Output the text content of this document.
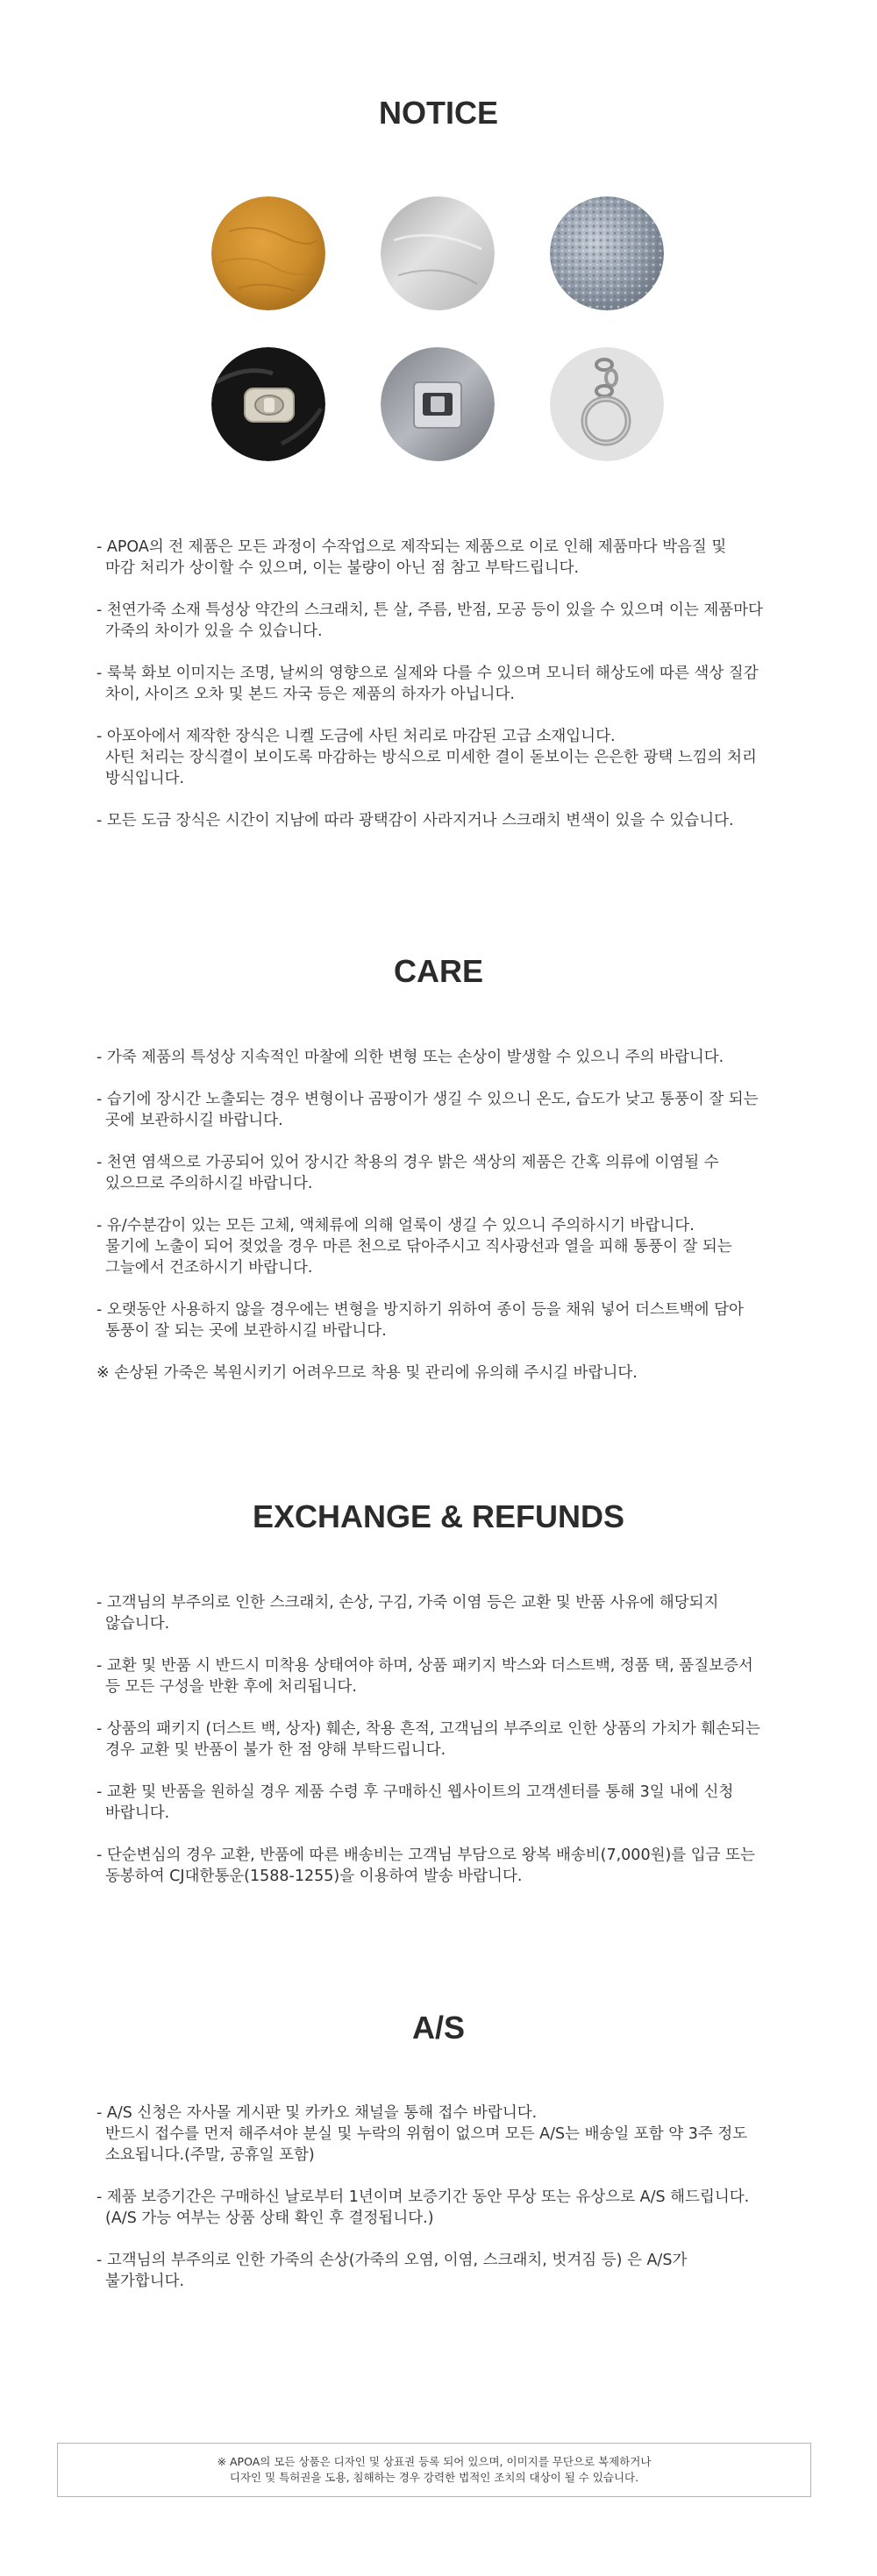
NOTICE

- APOA의 전 제품은 모든 과정이 수작업으로 제작되는 제품으로 이로 인해 제품마다 박음질 및
마감 처리가 상이할 수 있으며, 이는 불량이 아닌 점 참고 부탁드립니다.

- 천연가죽 소재 특성상 약간의 스크래치, 튼 살, 주름, 반점, 모공 등이 있을 수 있으며 이는 제품마다
가죽의 차이가 있을 수 있습니다.

- 룩북 화보 이미지는 조명, 날씨의 영향으로 실제와 다를 수 있으며 모니터 해상도에 따른 색상 질감
차이, 사이즈 오차 및 본드 자국 등은 제품의 하자가 아닙니다.

- 아포아에서 제작한 장식은 니켈 도금에 사틴 처리로 마감된 고급 소재입니다.
사틴 처리는 장식결이 보이도록 마감하는 방식으로 미세한 결이 돋보이는 은은한 광택 느낌의 처리
방식입니다.

- 모든 도금 장식은 시간이 지남에 따라 광택감이 사라지거나 스크래치 변색이 있을 수 있습니다.

CARE

- 가죽 제품의 특성상 지속적인 마찰에 의한 변형 또는 손상이 발생할 수 있으니 주의 바랍니다.

- 습기에 장시간 노출되는 경우 변형이나 곰팡이가 생길 수 있으니 온도, 습도가 낮고 통풍이 잘 되는
곳에 보관하시길 바랍니다.

- 천연 염색으로 가공되어 있어 장시간 착용의 경우 밝은 색상의 제품은 간혹 의류에 이염될 수
있으므로 주의하시길 바랍니다.

- 유/수분감이 있는 모든 고체, 액체류에 의해 얼룩이 생길 수 있으니 주의하시기 바랍니다.
물기에 노출이 되어 젖었을 경우 마른 천으로 닦아주시고 직사광선과 열을 피해 통풍이 잘 되는
그늘에서 건조하시기 바랍니다.

- 오랫동안 사용하지 않을 경우에는 변형을 방지하기 위하여 종이 등을 채워 넣어 더스트백에 담아
통풍이 잘 되는 곳에 보관하시길 바랍니다.

※ 손상된 가죽은 복원시키기 어려우므로 착용 및 관리에 유의해 주시길 바랍니다.

EXCHANGE & REFUNDS

- 고객님의 부주의로 인한 스크래치, 손상, 구김, 가죽 이염 등은 교환 및 반품 사유에 해당되지
않습니다.

- 교환 및 반품 시 반드시 미착용 상태여야 하며, 상품 패키지 박스와 더스트백, 정품 택, 품질보증서
등 모든 구성을 반환 후에 처리됩니다.

- 상품의 패키지 (더스트 백, 상자) 훼손, 착용 흔적, 고객님의 부주의로 인한 상품의 가치가 훼손되는
경우 교환 및 반품이 불가 한 점 양해 부탁드립니다.

- 교환 및 반품을 원하실 경우 제품 수령 후 구매하신 웹사이트의 고객센터를 통해 3일 내에 신청
바랍니다.

- 단순변심의 경우 교환, 반품에 따른 배송비는 고객님 부담으로 왕복 배송비(7,000원)를 입금 또는
동봉하여 CJ대한통운(1588-1255)을 이용하여 발송 바랍니다.

A/S

- A/S 신청은 자사몰 게시판 및 카카오 채널을 통해 접수 바랍니다.
반드시 접수를 먼저 해주셔야 분실 및 누락의 위험이 없으며 모든 A/S는 배송일 포함 약 3주 정도
소요됩니다.(주말, 공휴일 포함)

- 제품 보증기간은 구매하신 날로부터 1년이며 보증기간 동안 무상 또는 유상으로 A/S 해드립니다.
(A/S 가능 여부는 상품 상태 확인 후 결정됩니다.)

- 고객님의 부주의로 인한 가죽의 손상(가죽의 오염, 이염, 스크래치, 벗겨짐 등) 은 A/S가
불가합니다.

※ APOA의 모든 상품은 디자인 및 상표권 등록 되어 있으며, 이미지를 무단으로 복제하거나
디자인 및 특허권을 도용, 침해하는 경우 강력한 법적인 조치의 대상이 될 수 있습니다.
